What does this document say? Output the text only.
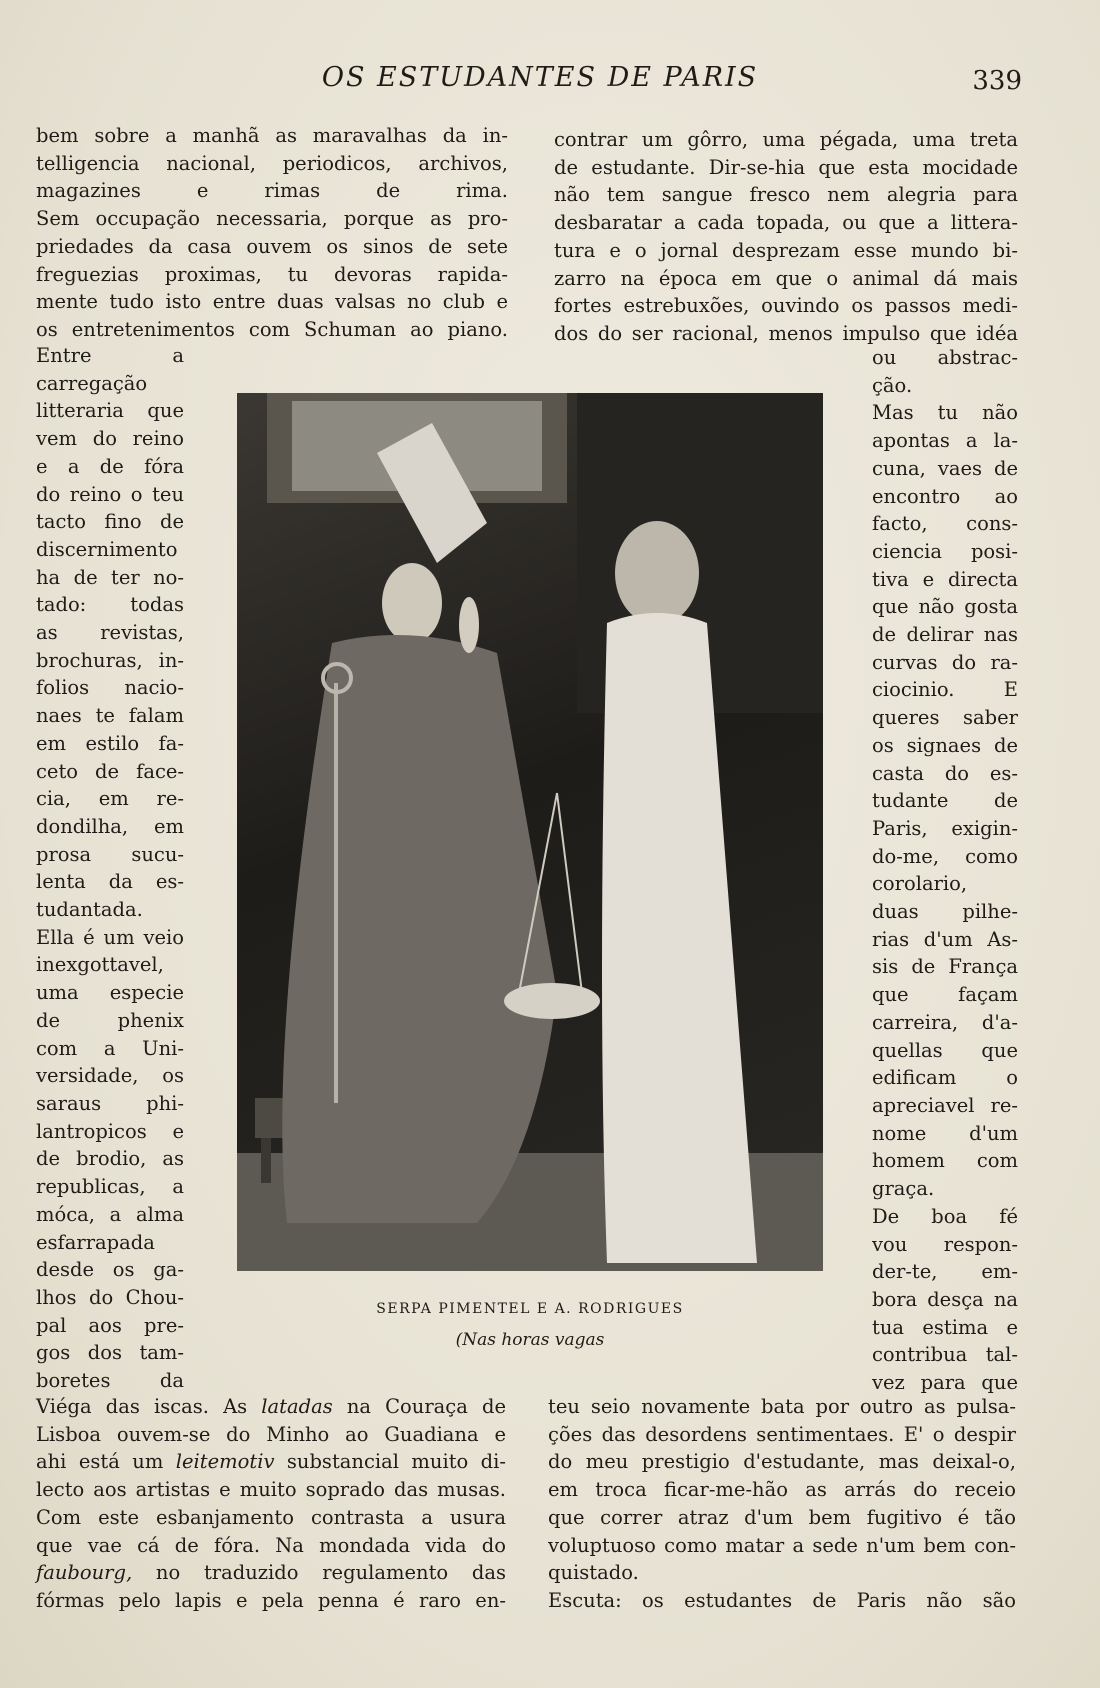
OS ESTUDANTES DE PARIS	339

bem sobre a manhã as maravalhas da in-
telligencia nacional, periodicos, archivos,
magazines e rimas de rima.
Sem occupação necessaria, porque as pro-
priedades da casa ouvem os sinos de sete
freguezias proximas, tu devoras rapida-
mente tudo isto entre duas valsas no club e
os entretenimentos com Schuman ao piano.

Entre a
carregação
litteraria que
vem do reino
e a de fóra
do reino o teu
tacto fino de
discernimento
ha de ter no-
tado: todas
as revistas,
brochuras, in-
folios nacio-
naes te falam
em estilo fa-
ceto de face-
cia, em re-
dondilha, em
prosa sucu-
lenta da es-
tudantada.
Ella é um veio
inexgottavel,
uma especie
de phenix
com a Uni-
versidade, os
saraus phi-
lantropicos e
de brodio, as
republicas, a
móca, a alma
esfarrapada
desde os ga-
lhos do Chou-
pal aos pre-
gos dos tam-
boretes da

Viéga das iscas. As latadas na Couraça de
Lisboa ouvem-se do Minho ao Guadiana e
ahi está um leitemotiv substancial muito di-
lecto aos artistas e muito soprado das musas.
Com este esbanjamento contrasta a usura
que vae cá de fóra. Na mondada vida do
faubourg, no traduzido regulamento das
fórmas pelo lapis e pela penna é raro en-

contrar um gôrro, uma pégada, uma treta
de estudante. Dir-se-hia que esta mocidade
não tem sangue fresco nem alegria para
desbaratar a cada topada, ou que a littera-
tura e o jornal desprezam esse mundo bi-
zarro na época em que o animal dá mais
fortes estrebuxões, ouvindo os passos medi-
dos do ser racional, menos impulso que idéa

ou abstrac-
ção.
Mas tu não
apontas a la-
cuna, vaes de
encontro ao
facto, cons-
ciencia posi-
tiva e directa
que não gosta
de delirar nas
curvas do ra-
ciocinio. E
queres saber
os signaes de
casta do es-
tudante de
Paris, exigin-
do-me, como
corolario,
duas pilhe-
rias d'um As-
sis de França
que façam
carreira, d'a-
quellas que
edificam o
apreciavel re-
nome d'um
homem com
graça.
De boa fé
vou respon-
der-te, em-
bora desça na
tua estima e
contribua tal-
vez para que

teu seio novamente bata por outro as pulsa-
ções das desordens sentimentaes. E' o despir
do meu prestigio d'estudante, mas deixal-o,
em troca ficar-me-hão as arrás do receio
que correr atraz d'um bem fugitivo é tão
voluptuoso como matar a sede n'um bem con-
quistado.
Escuta: os estudantes de Paris não são

SERPA PIMENTEL E A. RODRIGUES
(Nas horas vagas
